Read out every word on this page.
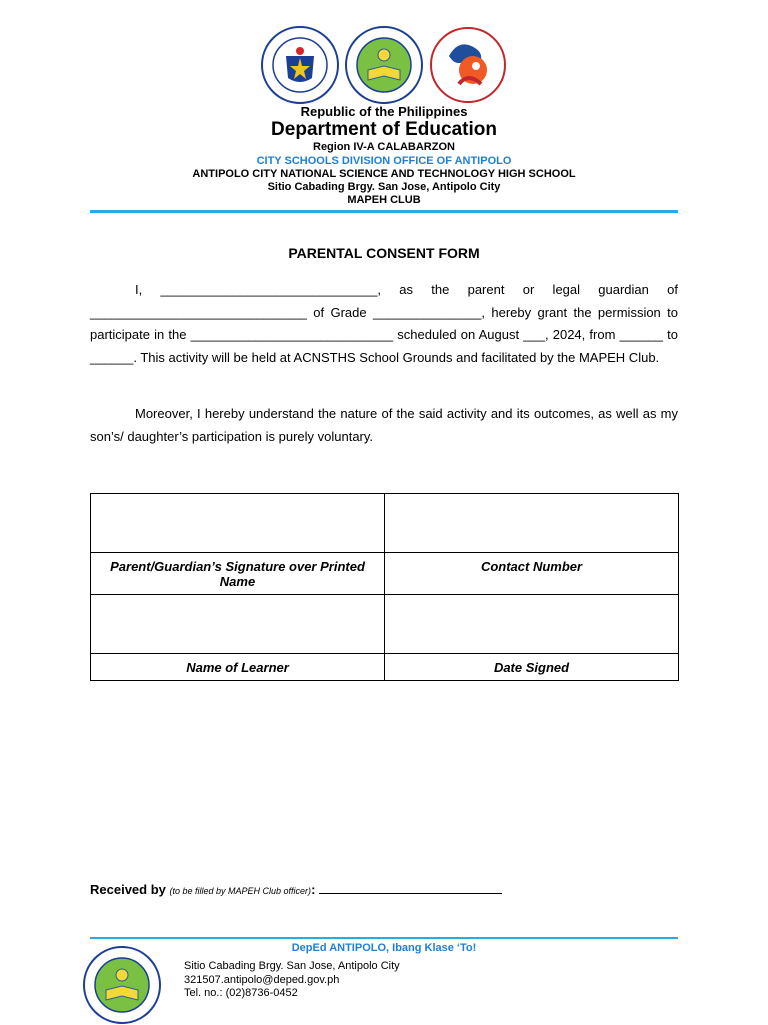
Republic of the Philippines
Department of Education
Region IV-A CALABARZON
CITY SCHOOLS DIVISION OFFICE OF ANTIPOLO
ANTIPOLO CITY NATIONAL SCIENCE AND TECHNOLOGY HIGH SCHOOL
Sitio Cabading Brgy. San Jose, Antipolo City
MAPEH CLUB
PARENTAL CONSENT FORM
I, ______________________________, as the parent or legal guardian of ______________________________ of Grade _______________, hereby grant the permission to participate in the ____________________________ scheduled on August ___, 2024, from ______ to ______. This activity will be held at ACNSTHS School Grounds and facilitated by the MAPEH Club.
Moreover, I hereby understand the nature of the said activity and its outcomes, as well as my son’s/ daughter’s participation is purely voluntary.

Parent/Guardian’s Signature over Printed Name	Contact Number

Name of Learner	Date Signed
Received by (to be filled by MAPEH Club officer):
DepEd ANTIPOLO, Ibang Klase ‘To!
Sitio Cabading Brgy. San Jose, Antipolo City
321507.antipolo@deped.gov.ph
Tel. no.: (02)8736-0452
